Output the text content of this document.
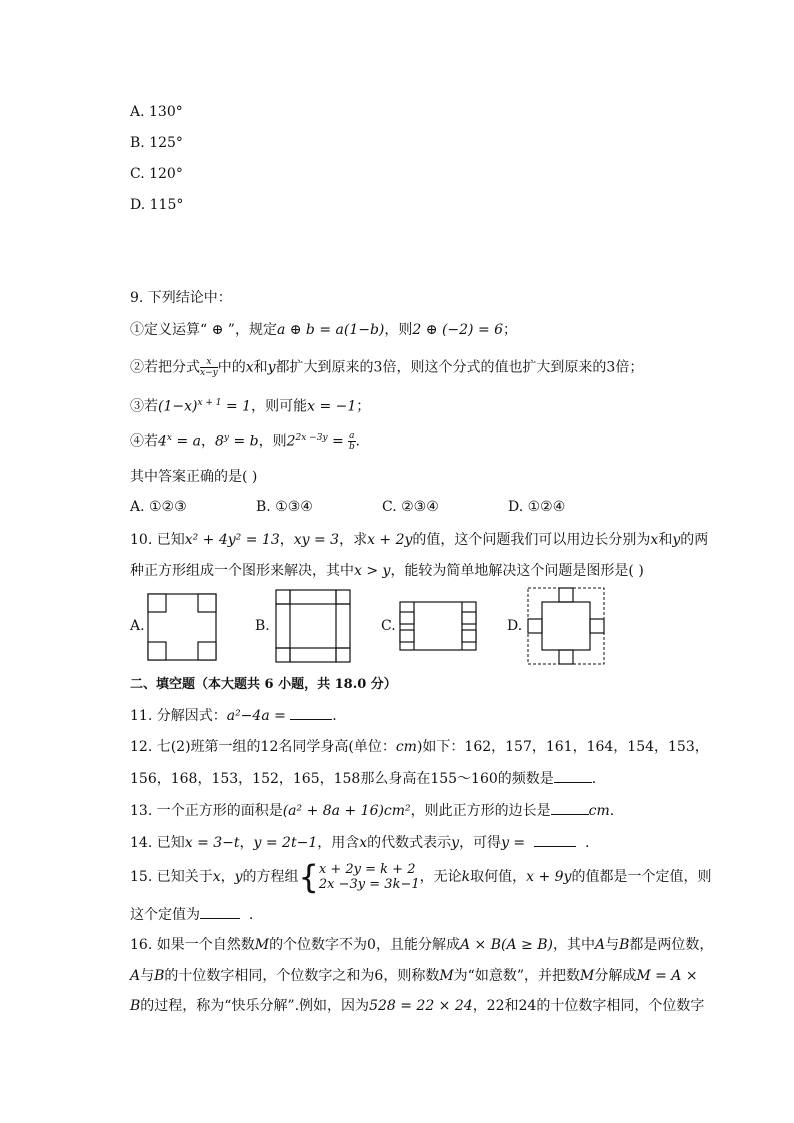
A. 130°
B. 125°
C. 120°
D. 115°
9. 下列结论中：
①定义运算“ ⊕ ”，规定a ⊕ b = a(1−b)，则2 ⊕ (−2) = 6；
②若把分式 $\frac{x}{x-y}$ 中的x和y都扩大到原来的3倍，则这个分式的值也扩大到原来的3倍；
③若$(1-x)^{x + 1} = 1$，则可能x = −1；
④若$4^x = a$，$8^y = b$，则$2^{2x -3y} = \frac{a}{b}$ .
其中答案正确的是( )
A. ①②③	B. ①③④	C. ②③④	D. ①②④
10. 已知x² + 4y² = 13，xy = 3，求x + 2y的值，这个问题我们可以用边长分别为x和y的两
种正方形组成一个图形来解决，其中x > y，能较为简单地解决这个问题是图形是( )
A.	B.	C.	D.
二、填空题（本大题共 6 小题，共 18.0 分）
11. 分解因式：a²−4a =	.
12. 七(2)班第一组的12名同学身高(单位：cm)如下：162，157，161，164，154，153，
156，168，153，152，165，158那么身高在155～160的频数是	.
13. 一个正方形的面积是(a² + 8a + 16)cm²，则此正方形的边长是	cm.
14. 已知x = 3−t，y = 2t−1，用含x的代数式表示y，可得y =	.
15. 已知关于x，y的方程组{ x + 2y = k + 2
2x −3y = 3k−1 ，无论k取何值，x + 9y的值都是一个定值，则
这个定值为	.
16. 如果一个自然数M的个位数字不为0，且能分解成A × B(A ≥ B)，其中A与B都是两位数，
A与B的十位数字相同，个位数字之和为6，则称数M为“如意数”，并把数M分解成M = A ×
B的过程，称为“快乐分解”.例如，因为528 = 22 × 24，22和24的十位数字相同，个位数字
